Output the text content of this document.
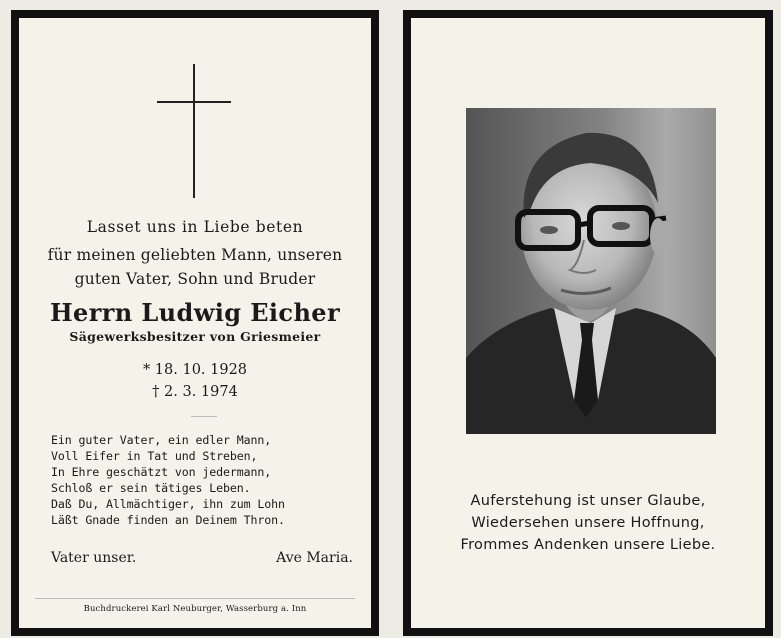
Lasset uns in Liebe beten
für meinen geliebten Mann, unseren
guten Vater, Sohn und Bruder
Herrn Ludwig Eicher
Sägewerksbesitzer von Griesmeier
* 18. 10. 1928
† 2. 3. 1974
Ein guter Vater, ein edler Mann,
Voll Eifer in Tat und Streben,
In Ehre geschätzt von jedermann,
Schloß er sein tätiges Leben.
Daß Du, Allmächtiger, ihn zum Lohn
Läßt Gnade finden an Deinem Thron.
Vater unser.	Ave Maria.
Buchdruckerei Karl Neuburger, Wasserburg a. Inn
Auferstehung ist unser Glaube,
Wiedersehen unsere Hoffnung,
Frommes Andenken unsere Liebe.
